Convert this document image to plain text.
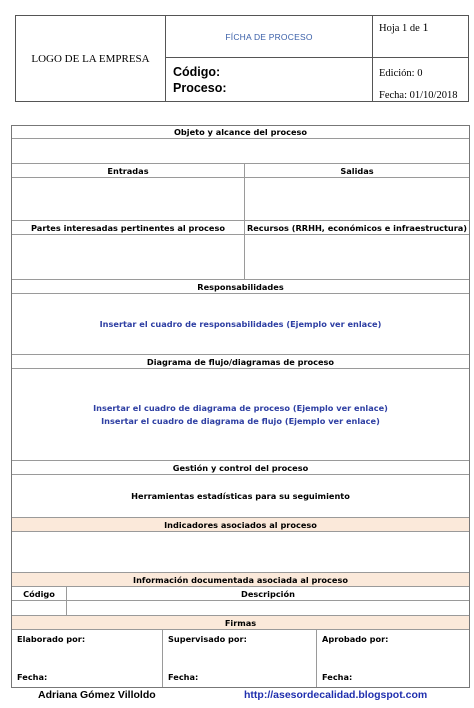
LOGO DE LA EMPRESA
FÍCHA DE PROCESO
Código:
Proceso:
Hoja 1 de 1
Edición: 0
Fecha: 01/10/2018
Objeto y alcance del proceso
Entradas	Salidas
Partes interesadas pertinentes al proceso	Recursos (RRHH, económicos e infraestructura)
Responsabilidades
Insertar el cuadro de responsabilidades (Ejemplo ver enlace)
Diagrama de flujo/diagramas de proceso
Insertar el cuadro de diagrama de proceso (Ejemplo ver enlace)
Insertar el cuadro de diagrama de flujo (Ejemplo ver enlace)
Gestión y control del proceso
Herramientas estadísticas para su seguimiento
Indicadores asociados al proceso
Información documentada asociada al proceso
Código	Descripción
Firmas
Elaborado por:
Fecha:
Supervisado por:
Fecha:
Aprobado por:
Fecha:
Adriana Gómez Villoldo	http://asesordecalidad.blogspot.com
